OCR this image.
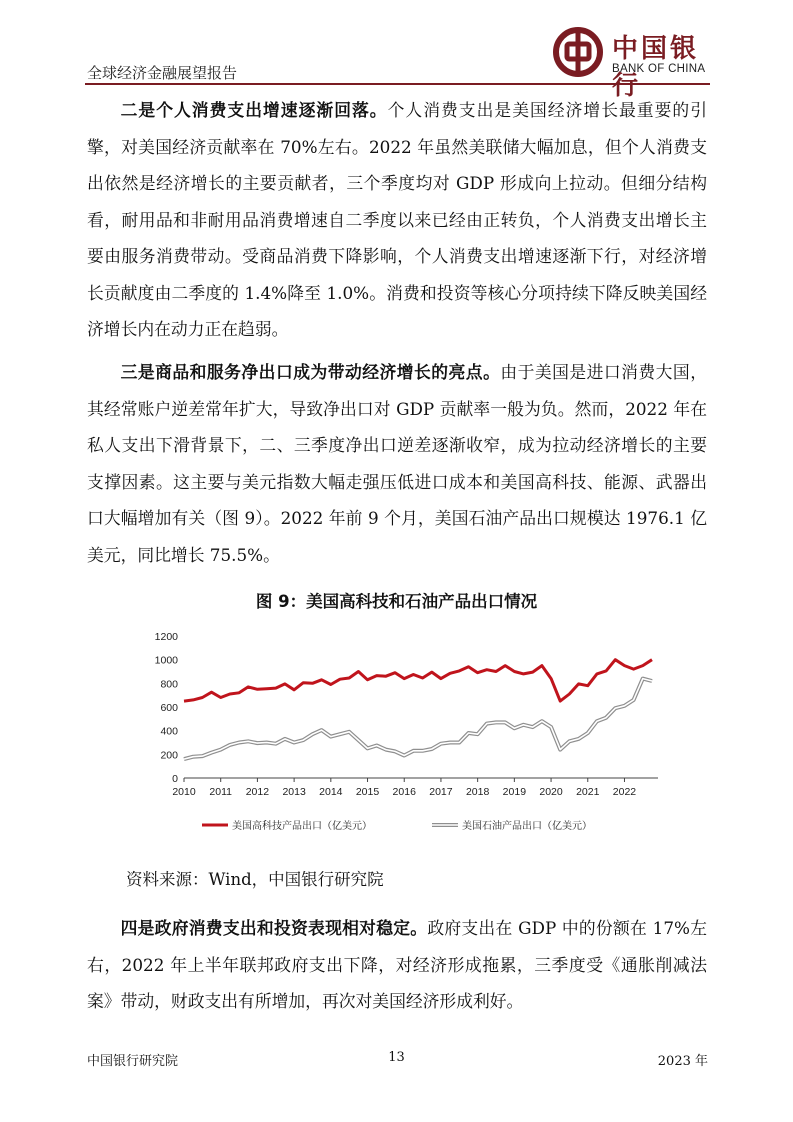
中国银行
BANK OF CHINA
全球经济金融展望报告

二是个人消费支出增速逐渐回落。个人消费支出是美国经济增长最重要的引擎，对美国经济贡献率在 70%左右。2022 年虽然美联储大幅加息，但个人消费支出依然是经济增长的主要贡献者，三个季度均对 GDP 形成向上拉动。但细分结构看，耐用品和非耐用品消费增速自二季度以来已经由正转负，个人消费支出增长主要由服务消费带动。受商品消费下降影响，个人消费支出增速逐渐下行，对经济增长贡献度由二季度的 1.4%降至 1.0%。消费和投资等核心分项持续下降反映美国经济增长内在动力正在趋弱。

三是商品和服务净出口成为带动经济增长的亮点。由于美国是进口消费大国，其经常账户逆差常年扩大，导致净出口对 GDP 贡献率一般为负。然而，2022 年在私人支出下滑背景下，二、三季度净出口逆差逐渐收窄，成为拉动经济增长的主要支撑因素。这主要与美元指数大幅走强压低进口成本和美国高科技、能源、武器出口大幅增加有关（图 9）。2022 年前 9 个月，美国石油产品出口规模达 1976.1 亿美元，同比增长 75.5%。

图 9：美国高科技和石油产品出口情况
0
200
400
600
800
1000
1200
2010 2011 2012 2013 2014 2015 2016 2017 2018 2019 2020 2021 2022
美国高科技产品出口（亿美元）	美国石油产品出口（亿美元）
资料来源：Wind，中国银行研究院

四是政府消费支出和投资表现相对稳定。政府支出在 GDP 中的份额在 17%左右，2022 年上半年联邦政府支出下降，对经济形成拖累，三季度受《通胀削减法案》带动，财政支出有所增加，再次对美国经济形成利好。

中国银行研究院	13	2023 年
